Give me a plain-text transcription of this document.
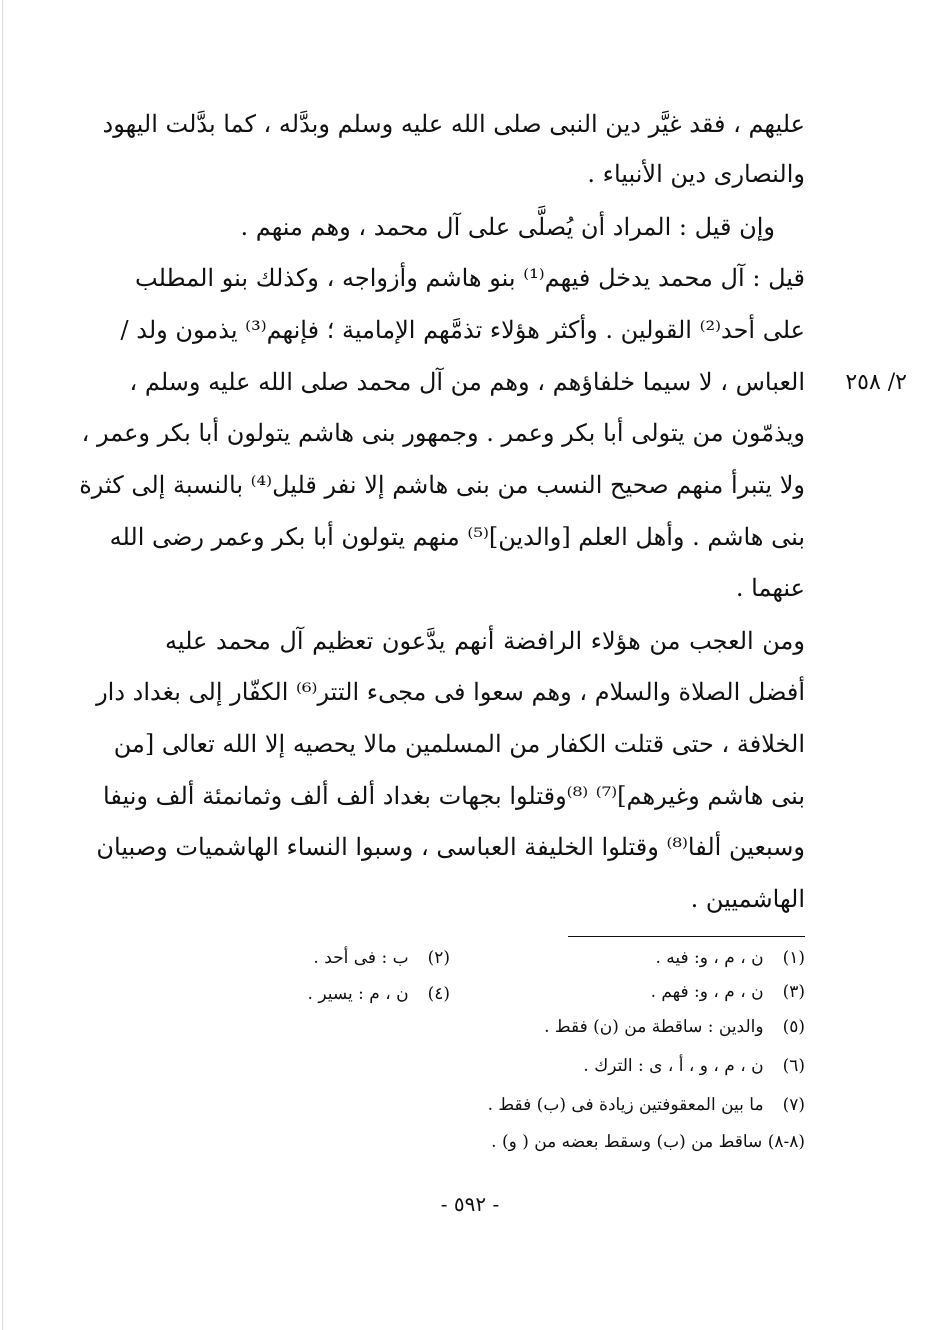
عليهم ، فقد غيَّر دين النبى صلى الله عليه وسلم وبدَّله ، كما بدَّلت اليهود
والنصارى دين الأنبياء .
وإن قيل : المراد أن يُصلَّى على آل محمد ، وهم منهم .
قيل : آل محمد يدخل فيهم⁽¹⁾ بنو هاشم وأزواجه ، وكذلك بنو المطلب
على أحد⁽²⁾ القولين . وأكثر هؤلاء تذمَّهم الإمامية ؛ فإنهم⁽³⁾ يذمون ولد /
العباس ، لا سيما خلفاؤهم ، وهم من آل محمد صلى الله عليه وسلم ،
ويذمّون من يتولى أبا بكر وعمر . وجمهور بنى هاشم يتولون أبا بكر وعمر ،
ولا يتبرأ منهم صحيح النسب من بنى هاشم إلا نفر قليل⁽⁴⁾ بالنسبة إلى كثرة
بنى هاشم . وأهل العلم [والدين]⁽⁵⁾ منهم يتولون أبا بكر وعمر رضى الله
عنهما .
ومن العجب من هؤلاء الرافضة أنهم يدَّعون تعظيم آل محمد عليه
أفضل الصلاة والسلام ، وهم سعوا فى مجىء التتر⁽⁶⁾ الكفّار إلى بغداد دار
الخلافة ، حتى قتلت الكفار من المسلمين مالا يحصيه إلا الله تعالى [من
بنى هاشم وغيرهم]⁽⁷⁾ ⁽⁸⁾وقتلوا بجهات بغداد ألف ألف وثمانمئة ألف ونيفا
وسبعين ألفا⁽⁸⁾ وقتلوا الخليفة العباسى ، وسبوا النساء الهاشميات وصبيان
الهاشميين .
٢/ ٢٥٨
(١) ن ، م ، و: فيه .
(٢) ب : فى أحد .
(٣) ن ، م ، و: فهم .
(٤) ن ، م : يسير .
(٥) والدين : ساقطة من (ن) فقط .
(٦) ن ، م ، و ، أ ، ى : الترك .
(٧) ما بين المعقوفتين زيادة فى (ب) فقط .
(٨-٨) ساقط من (ب) وسقط بعضه من ( و) .
- ٥٩٢ -
